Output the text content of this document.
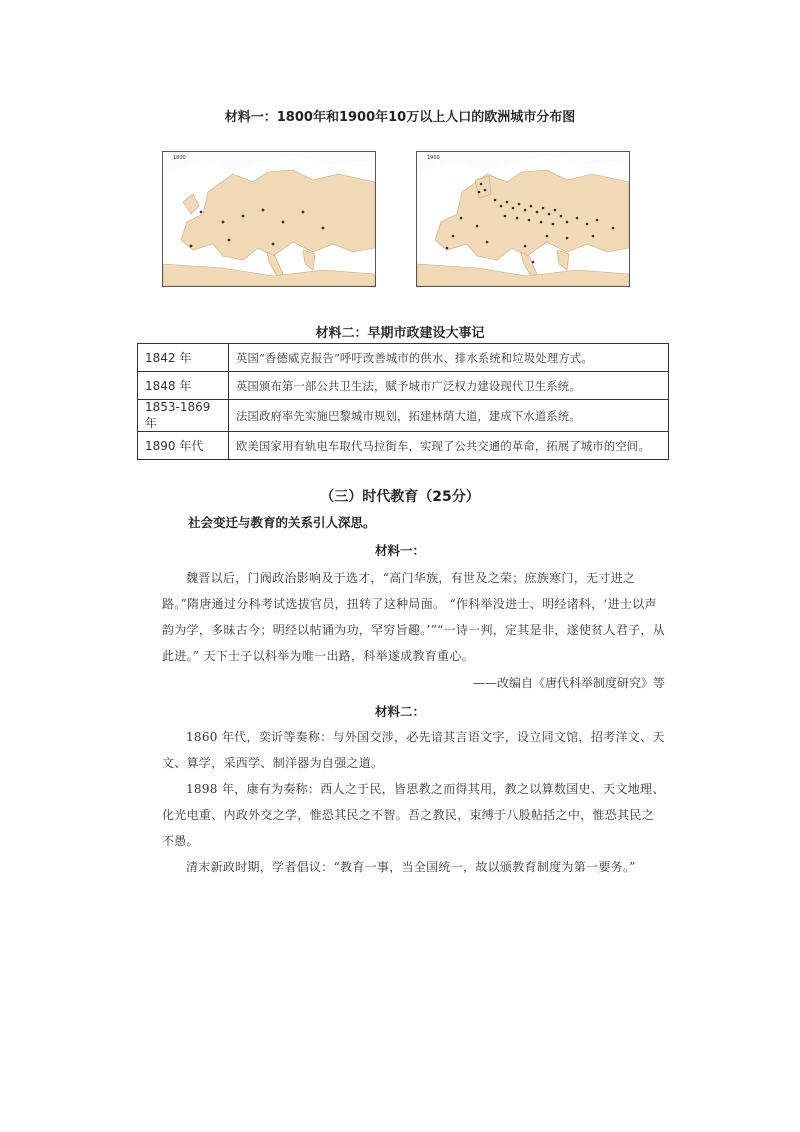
材料一：1800年和1900年10万以上人口的欧洲城市分布图
1800	1900
材料二：早期市政建设大事记
1842 年	英国“香德威克报告”呼吁改善城市的供水、排水系统和垃圾处理方式。
1848 年	英国颁布第一部公共卫生法，赋予城市广泛权力建设现代卫生系统。
1853-1869 年	法国政府率先实施巴黎城市规划，拓建林荫大道，建成下水道系统。
1890 年代	欧美国家用有轨电车取代马拉街车，实现了公共交通的革命，拓展了城市的空间。
（三）时代教育（25分）
社会变迁与教育的关系引人深思。
材料一：
魏晋以后，门阀政治影响及于选才，“高门华族，有世及之荣；庶族寒门，无寸进之路。”隋唐通过分科考试选拔官员，扭转了这种局面。 “作科举没进士、明经诸科，‘进士以声韵为学，多昧古今；明经以帖诵为功，罕穷旨趣。’”“一诗一判，定其是非，遂使贫人君子，从此进。” 天下士子以科举为唯一出路，科举遂成教育重心。
——改编自《唐代科举制度研究》等
材料二：
1860 年代，奕䜣等奏称：与外国交涉，必先谙其言语文字，设立同文馆，招考洋文、天文、算学，采西学、制洋器为自强之道。
1898 年，康有为奏称：西人之于民，皆思教之而得其用，教之以算数国史、天文地理、化光电重、内政外交之学，惟恐其民之不智。吾之教民，束缚于八股帖括之中，惟恐其民之不愚。
清末新政时期，学者倡议：“教育一事，当全国统一，故以颁教育制度为第一要务。”
